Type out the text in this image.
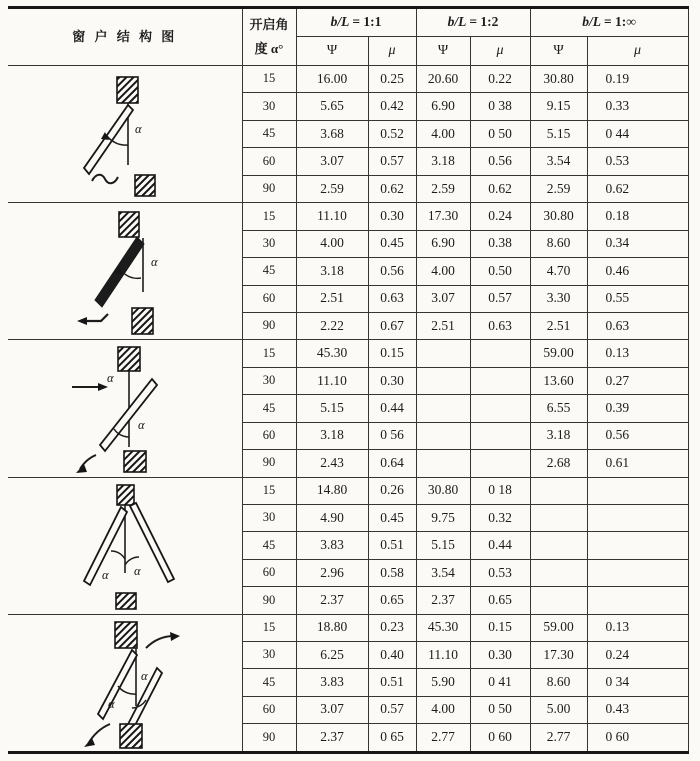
窗 户 结 构 图	开启角
度 α°	b/L = 1:1		b/L = 1:2		b/L = 1:∞	
		Ψ	μ	Ψ	μ	Ψ	μ

α	15	16.00	0.25	20.60	0.22	30.80	0.19
	30	5.65	0.42	6.90	0 38	9.15	0.33
	45	3.68	0.52	4.00	0 50	5.15	0 44
	60	3.07	0.57	3.18	0.56	3.54	0.53
	90	2.59	0.62	2.59	0.62	2.59	0.62

α	15	11.10	0.30	17.30	0.24	30.80	0.18
	30	4.00	0.45	6.90	0.38	8.60	0.34
	45	3.18	0.56	4.00	0.50	4.70	0.46
	60	2.51	0.63	3.07	0.57	3.30	0.55
	90	2.22	0.67	2.51	0.63	2.51	0.63

α
α	15	45.30	0.15			59.00	0.13
	30	11.10	0.30			13.60	0.27
	45	5.15	0.44			6.55	0.39
	60	3.18	0 56			3.18	0.56
	90	2.43	0.64			2.68	0.61

α α	15	14.80	0.26	30.80	0 18		
	30	4.90	0.45	9.75	0.32		
	45	3.83	0.51	5.15	0.44		
	60	2.96	0.58	3.54	0.53		
	90	2.37	0.65	2.37	0.65		

α
α	15	18.80	0.23	45.30	0.15	59.00	0.13
	30	6.25	0.40	11.10	0.30	17.30	0.24
	45	3.83	0.51	5.90	0 41	8.60	0 34
	60	3.07	0.57	4.00	0 50	5.00	0.43
	90	2.37	0 65	2.77	0 60	2.77	0 60
